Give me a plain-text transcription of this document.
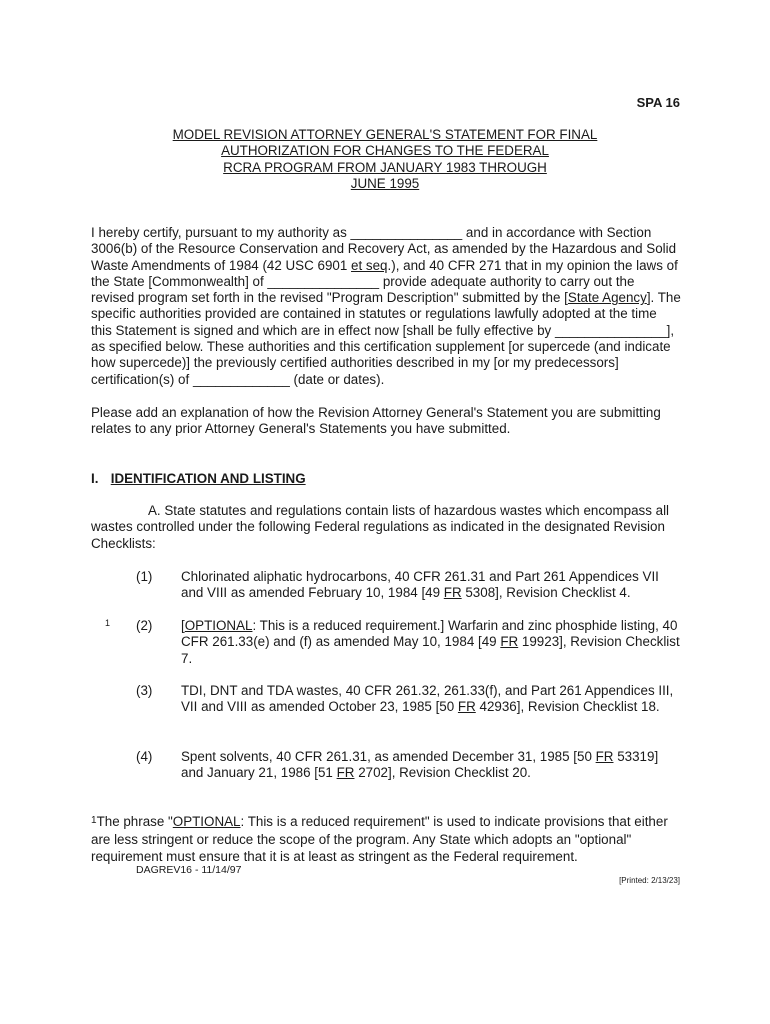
SPA 16
MODEL REVISION ATTORNEY GENERAL'S STATEMENT FOR FINAL
AUTHORIZATION FOR CHANGES TO THE FEDERAL
RCRA PROGRAM FROM JANUARY 1983 THROUGH
JUNE 1995

I hereby certify, pursuant to my authority as _______________ and in accordance with Section 3006(b) of the Resource Conservation and Recovery Act, as amended by the Hazardous and Solid Waste Amendments of 1984 (42 USC 6901 et seq.), and 40 CFR 271 that in my opinion the laws of the State [Commonwealth] of _______________ provide adequate authority to carry out the revised program set forth in the revised "Program Description" submitted by the [State Agency]. The specific authorities provided are contained in statutes or regulations lawfully adopted at the time this Statement is signed and which are in effect now [shall be fully effective by _______________], as specified below. These authorities and this certification supplement [or supercede (and indicate how supercede)] the previously certified authorities described in my [or my predecessors] certification(s) of _____________ (date or dates).

Please add an explanation of how the Revision Attorney General's Statement you are submitting relates to any prior Attorney General's Statements you have submitted.

I. IDENTIFICATION AND LISTING

A. State statutes and regulations contain lists of hazardous wastes which encompass all wastes controlled under the following Federal regulations as indicated in the designated Revision Checklists:

(1) Chlorinated aliphatic hydrocarbons, 40 CFR 261.31 and Part 261 Appendices VII and VIII as amended February 10, 1984 [49 FR 5308], Revision Checklist 4.
1 (2) [OPTIONAL: This is a reduced requirement.] Warfarin and zinc phosphide listing, 40 CFR 261.33(e) and (f) as amended May 10, 1984 [49 FR 19923], Revision Checklist 7.
(3) TDI, DNT and TDA wastes, 40 CFR 261.32, 261.33(f), and Part 261 Appendices III, VII and VIII as amended October 23, 1985 [50 FR 42936], Revision Checklist 18.
(4) Spent solvents, 40 CFR 261.31, as amended December 31, 1985 [50 FR 53319] and January 21, 1986 [51 FR 2702], Revision Checklist 20.

$^1$The phrase "OPTIONAL: This is a reduced requirement" is used to indicate provisions that either are less stringent or reduce the scope of the program. Any State which adopts an "optional" requirement must ensure that it is at least as stringent as the Federal requirement.

DAGREV16 - 11/14/97
[Printed: 2/13/23]
